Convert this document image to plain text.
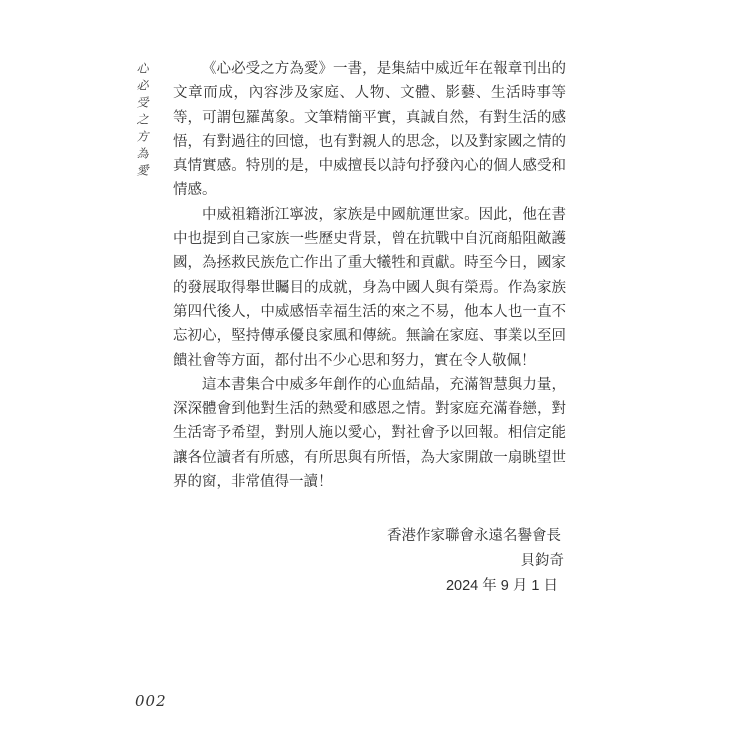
心必受之方為愛	《心必受之方為愛》一書，是集結中威近年在報章刊出的文章而成，內容涉及家庭、人物、文體、影藝、生活時事等等，可謂包羅萬象。文筆精簡平實，真誠自然，有對生活的感悟，有對過往的回憶，也有對親人的思念，以及對家國之情的真情實感。特別的是，中威擅長以詩句抒發內心的個人感受和情感。

中威祖籍浙江寧波，家族是中國航運世家。因此，他在書中也提到自己家族一些歷史背景，曾在抗戰中自沉商船阻敵護國，為拯救民族危亡作出了重大犧牲和貢獻。時至今日，國家的發展取得舉世矚目的成就，身為中國人與有榮焉。作為家族第四代後人，中威感悟幸福生活的來之不易，他本人也一直不忘初心，堅持傳承優良家風和傳統。無論在家庭、事業以至回饋社會等方面，都付出不少心思和努力，實在令人敬佩！

這本書集合中威多年創作的心血結晶，充滿智慧與力量，深深體會到他對生活的熱愛和感恩之情。對家庭充滿眷戀，對生活寄予希望，對別人施以愛心，對社會予以回報。相信定能讓各位讀者有所感，有所思與有所悟，為大家開啟一扇眺望世界的窗，非常值得一讀！

香港作家聯會永遠名譽會長
貝鈞奇
2024 年 9 月 1 日
002
